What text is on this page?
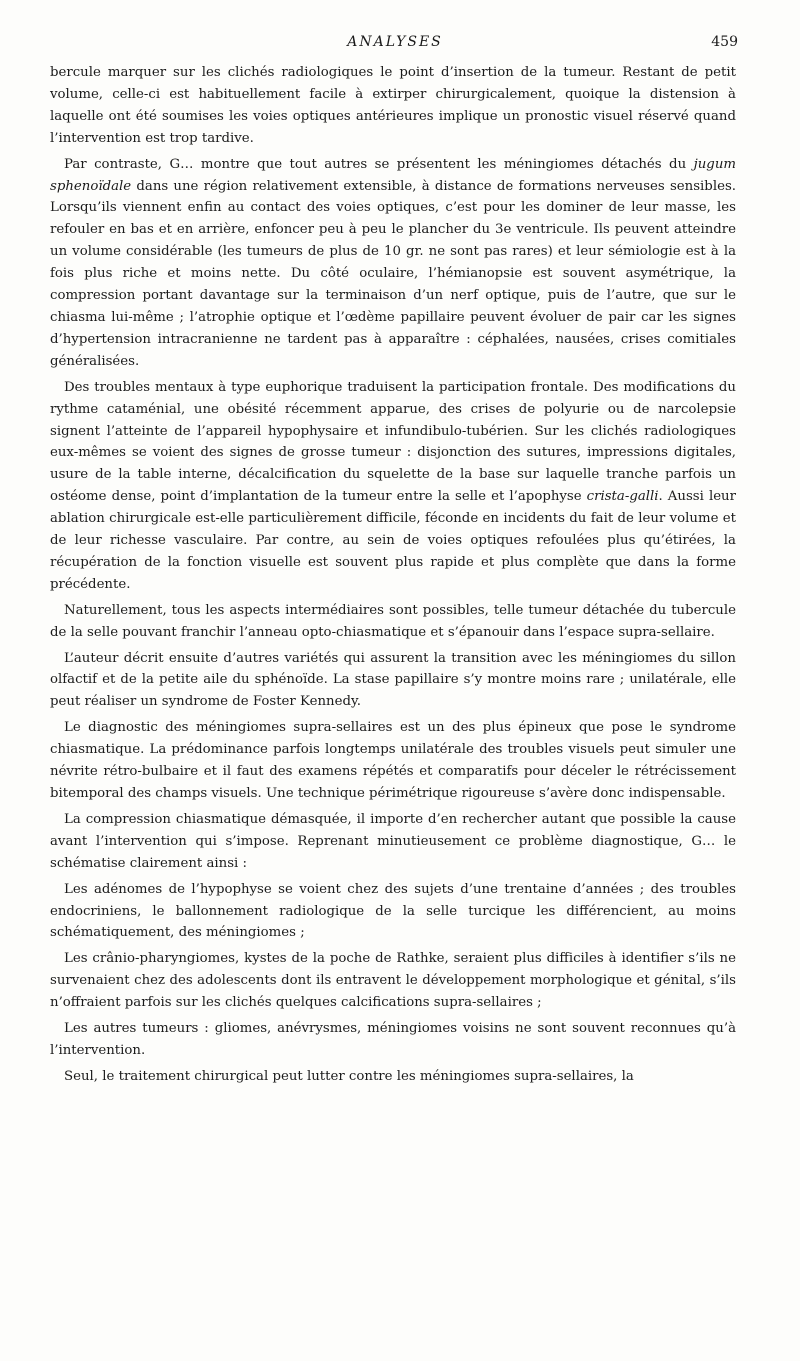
ANALYSES	459

bercule marquer sur les clichés radiologiques le point d’insertion de la tumeur. Restant de petit volume, celle-ci est habituellement facile à extirper chirurgicalement, quoique la distension à laquelle ont été soumises les voies optiques antérieures implique un pronostic visuel réservé quand l’intervention est trop tardive.

Par contraste, G… montre que tout autres se présentent les méningiomes détachés du jugum sphenoïdale dans une région relativement extensible, à distance de formations nerveuses sensibles. Lorsqu’ils viennent enfin au contact des voies optiques, c’est pour les dominer de leur masse, les refouler en bas et en arrière, enfoncer peu à peu le plancher du 3e ventricule. Ils peuvent atteindre un volume considérable (les tumeurs de plus de 10 gr. ne sont pas rares) et leur sémiologie est à la fois plus riche et moins nette. Du côté oculaire, l’hémianopsie est souvent asymétrique, la compression portant davantage sur la terminaison d’un nerf optique, puis de l’autre, que sur le chiasma lui-même ; l’atrophie optique et l’œdème papillaire peuvent évoluer de pair car les signes d’hypertension intracranienne ne tardent pas à apparaître : céphalées, nausées, crises comitiales généralisées.

Des troubles mentaux à type euphorique traduisent la participation frontale. Des modifications du rythme cataménial, une obésité récemment apparue, des crises de polyurie ou de narcolepsie signent l’atteinte de l’appareil hypophysaire et infundibulo-tubérien. Sur les clichés radiologiques eux-mêmes se voient des signes de grosse tumeur : disjonction des sutures, impressions digitales, usure de la table interne, décalcification du squelette de la base sur laquelle tranche parfois un ostéome dense, point d’implantation de la tumeur entre la selle et l’apophyse crista-galli. Aussi leur ablation chirurgicale est-elle particulièrement difficile, féconde en incidents du fait de leur volume et de leur richesse vasculaire. Par contre, au sein de voies optiques refoulées plus qu’étirées, la récupération de la fonction visuelle est souvent plus rapide et plus complète que dans la forme précédente.

Naturellement, tous les aspects intermédiaires sont possibles, telle tumeur détachée du tubercule de la selle pouvant franchir l’anneau opto-chiasmatique et s’épanouir dans l’espace supra-sellaire.

L’auteur décrit ensuite d’autres variétés qui assurent la transition avec les méningiomes du sillon olfactif et de la petite aile du sphénoïde. La stase papillaire s’y montre moins rare ; unilatérale, elle peut réaliser un syndrome de Foster Kennedy.

Le diagnostic des méningiomes supra-sellaires est un des plus épineux que pose le syndrome chiasmatique. La prédominance parfois longtemps unilatérale des troubles visuels peut simuler une névrite rétro-bulbaire et il faut des examens répétés et comparatifs pour déceler le rétrécissement bitemporal des champs visuels. Une technique périmétrique rigoureuse s’avère donc indispensable.

La compression chiasmatique démasquée, il importe d’en rechercher autant que possible la cause avant l’intervention qui s’impose. Reprenant minutieusement ce problème diagnostique, G… le schématise clairement ainsi :

Les adénomes de l’hypophyse se voient chez des sujets d’une trentaine d’années ; des troubles endocriniens, le ballonnement radiologique de la selle turcique les différencient, au moins schématiquement, des méningiomes ;

Les crânio-pharyngiomes, kystes de la poche de Rathke, seraient plus difficiles à identifier s’ils ne survenaient chez des adolescents dont ils entravent le développement morphologique et génital, s’ils n’offraient parfois sur les clichés quelques calcifications supra-sellaires ;

Les autres tumeurs : gliomes, anévrysmes, méningiomes voisins ne sont souvent reconnues qu’à l’intervention.

Seul, le traitement chirurgical peut lutter contre les méningiomes supra-sellaires, la
